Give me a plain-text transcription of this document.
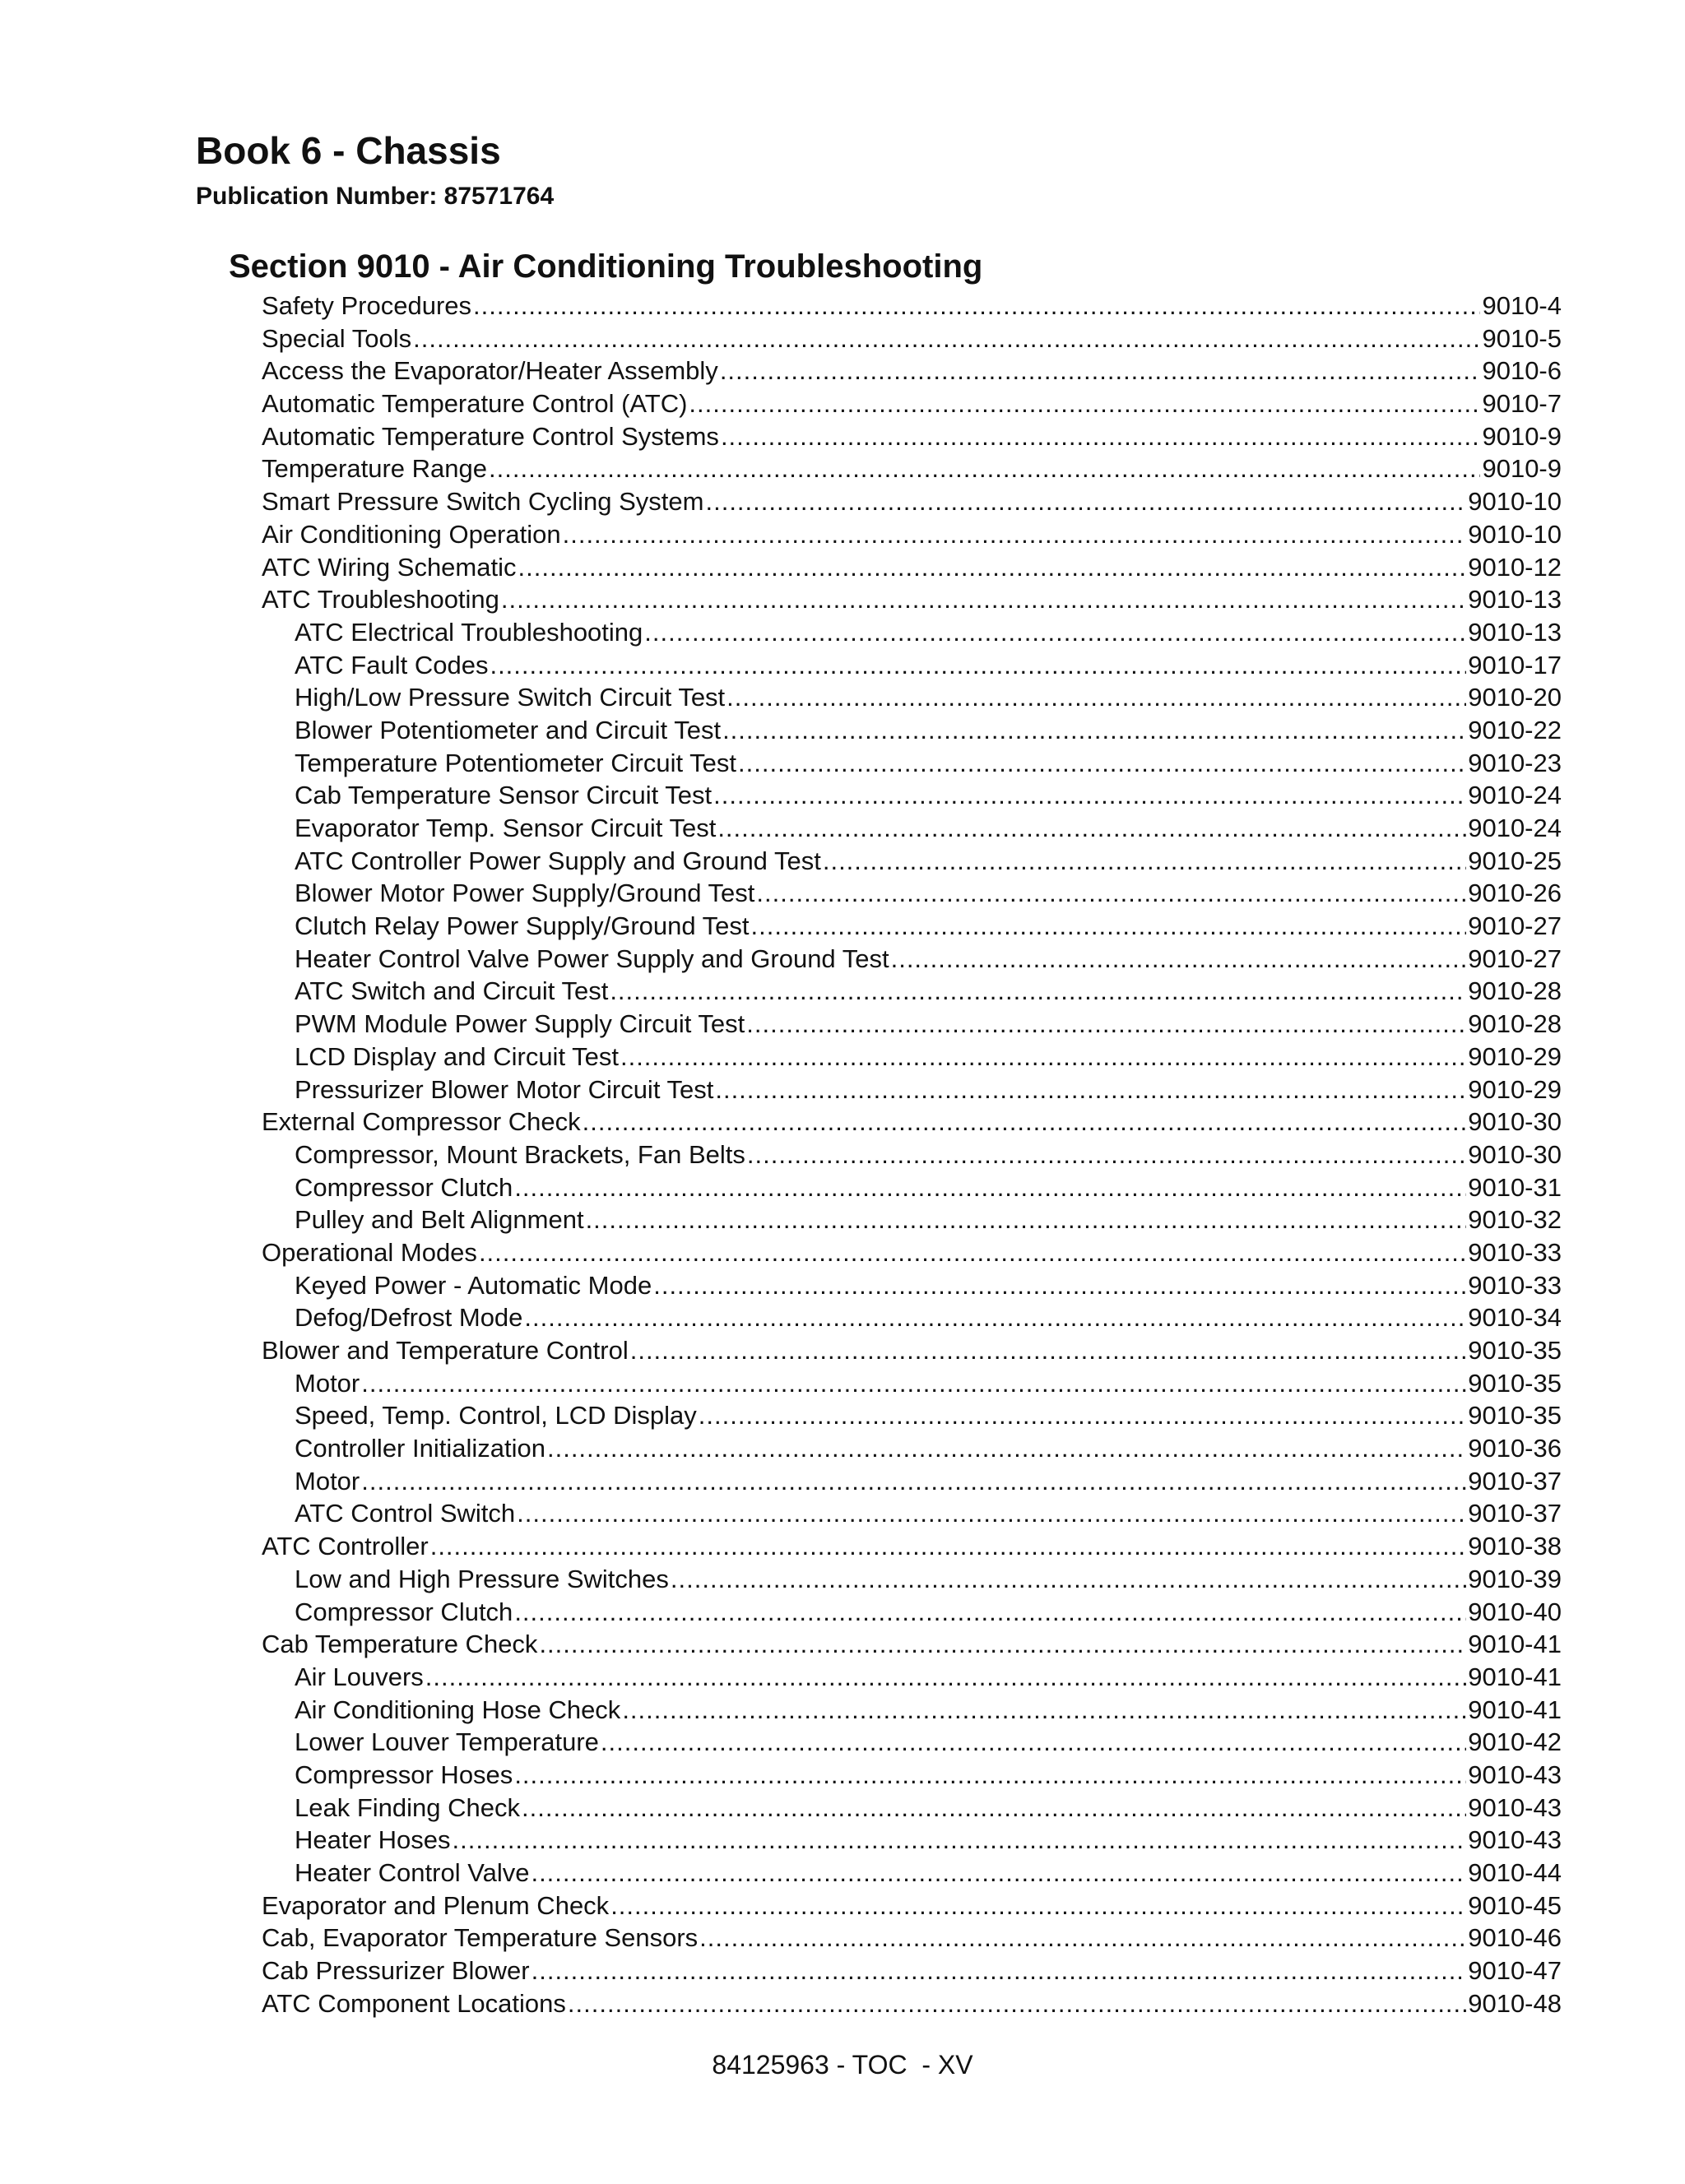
Book 6 - Chassis
Publication Number: 87571764
Section 9010 - Air Conditioning Troubleshooting
Safety Procedures .....	9010-4
Special Tools .....	9010-5
Access the Evaporator/Heater Assembly .....	9010-6
Automatic Temperature Control (ATC) .....	9010-7
Automatic Temperature Control Systems .....	9010-9
Temperature Range .....	9010-9
Smart Pressure Switch Cycling System .....	9010-10
Air Conditioning Operation .....	9010-10
ATC Wiring Schematic .....	9010-12
ATC Troubleshooting .....	9010-13
ATC Electrical Troubleshooting .....	9010-13
ATC Fault Codes .....	9010-17
High/Low Pressure Switch Circuit Test .....	9010-20
Blower Potentiometer and Circuit Test .....	9010-22
Temperature Potentiometer Circuit Test .....	9010-23
Cab Temperature Sensor Circuit Test .....	9010-24
Evaporator Temp. Sensor Circuit Test .....	9010-24
ATC Controller Power Supply and Ground Test .....	9010-25
Blower Motor Power Supply/Ground Test .....	9010-26
Clutch Relay Power Supply/Ground Test .....	9010-27
Heater Control Valve Power Supply and Ground Test .....	9010-27
ATC Switch and Circuit Test .....	9010-28
PWM Module Power Supply Circuit Test .....	9010-28
LCD Display and Circuit Test .....	9010-29
Pressurizer Blower Motor Circuit Test .....	9010-29
External Compressor Check .....	9010-30
Compressor, Mount Brackets, Fan Belts .....	9010-30
Compressor Clutch .....	9010-31
Pulley and Belt Alignment .....	9010-32
Operational Modes .....	9010-33
Keyed Power - Automatic Mode .....	9010-33
Defog/Defrost Mode .....	9010-34
Blower and Temperature Control .....	9010-35
Motor .....	9010-35
Speed, Temp. Control, LCD Display .....	9010-35
Controller Initialization .....	9010-36
Motor .....	9010-37
ATC Control Switch .....	9010-37
ATC Controller .....	9010-38
Low and High Pressure Switches .....	9010-39
Compressor Clutch .....	9010-40
Cab Temperature Check .....	9010-41
Air Louvers .....	9010-41
Air Conditioning Hose Check .....	9010-41
Lower Louver Temperature .....	9010-42
Compressor Hoses .....	9010-43
Leak Finding Check .....	9010-43
Heater Hoses .....	9010-43
Heater Control Valve .....	9010-44
Evaporator and Plenum Check .....	9010-45
Cab, Evaporator Temperature Sensors .....	9010-46
Cab Pressurizer Blower .....	9010-47
ATC Component Locations .....	9010-48
84125963 - TOC  - XV
